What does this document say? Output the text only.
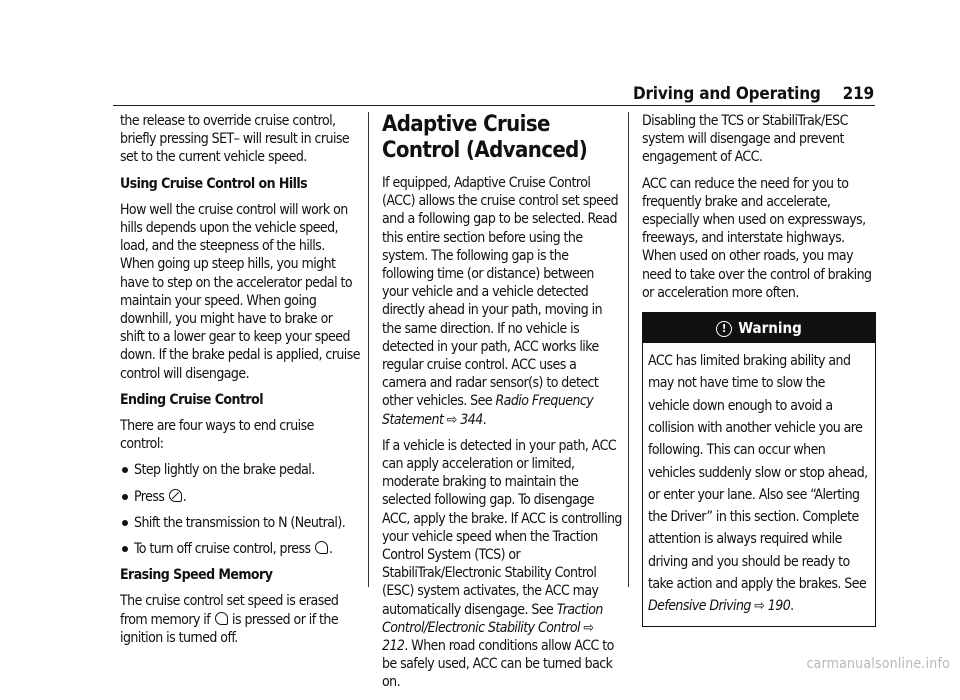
Driving and Operating 219

the release to override cruise control, briefly pressing SET– will result in cruise set to the current vehicle speed.

Using Cruise Control on Hills

How well the cruise control will work on hills depends upon the vehicle speed, load, and the steepness of the hills. When going up steep hills, you might have to step on the accelerator pedal to maintain your speed. When going downhill, you might have to brake or shift to a lower gear to keep your speed down. If the brake pedal is applied, cruise control will disengage.

Ending Cruise Control

There are four ways to end cruise control:

Step lightly on the brake pedal.
Press .
Shift the transmission to N (Neutral).
To turn off cruise control, press .

Erasing Speed Memory

The cruise control set speed is erased from memory if is pressed or if the ignition is turned off.

Adaptive Cruise Control (Advanced)

If equipped, Adaptive Cruise Control (ACC) allows the cruise control set speed and a following gap to be selected. Read this entire section before using the system. The following gap is the following time (or distance) between your vehicle and a vehicle detected directly ahead in your path, moving in the same direction. If no vehicle is detected in your path, ACC works like regular cruise control. ACC uses a camera and radar sensor(s) to detect other vehicles. See Radio Frequency Statement ⇨ 344.

If a vehicle is detected in your path, ACC can apply acceleration or limited, moderate braking to maintain the selected following gap. To disengage ACC, apply the brake. If ACC is controlling your vehicle speed when the Traction Control System (TCS) or StabiliTrak/Electronic Stability Control (ESC) system activates, the ACC may automatically disengage. See Traction Control/Electronic Stability Control ⇨ 212. When road conditions allow ACC to be safely used, ACC can be turned back on.

Disabling the TCS or StabiliTrak/ESC system will disengage and prevent engagement of ACC.

ACC can reduce the need for you to frequently brake and accelerate, especially when used on expressways, freeways, and interstate highways. When used on other roads, you may need to take over the control of braking or acceleration more often.

! Warning
ACC has limited braking ability and may not have time to slow the vehicle down enough to avoid a collision with another vehicle you are following. This can occur when vehicles suddenly slow or stop ahead, or enter your lane. Also see “Alerting the Driver” in this section. Complete attention is always required while driving and you should be ready to take action and apply the brakes. See Defensive Driving ⇨ 190.
carmanualsonline.info
